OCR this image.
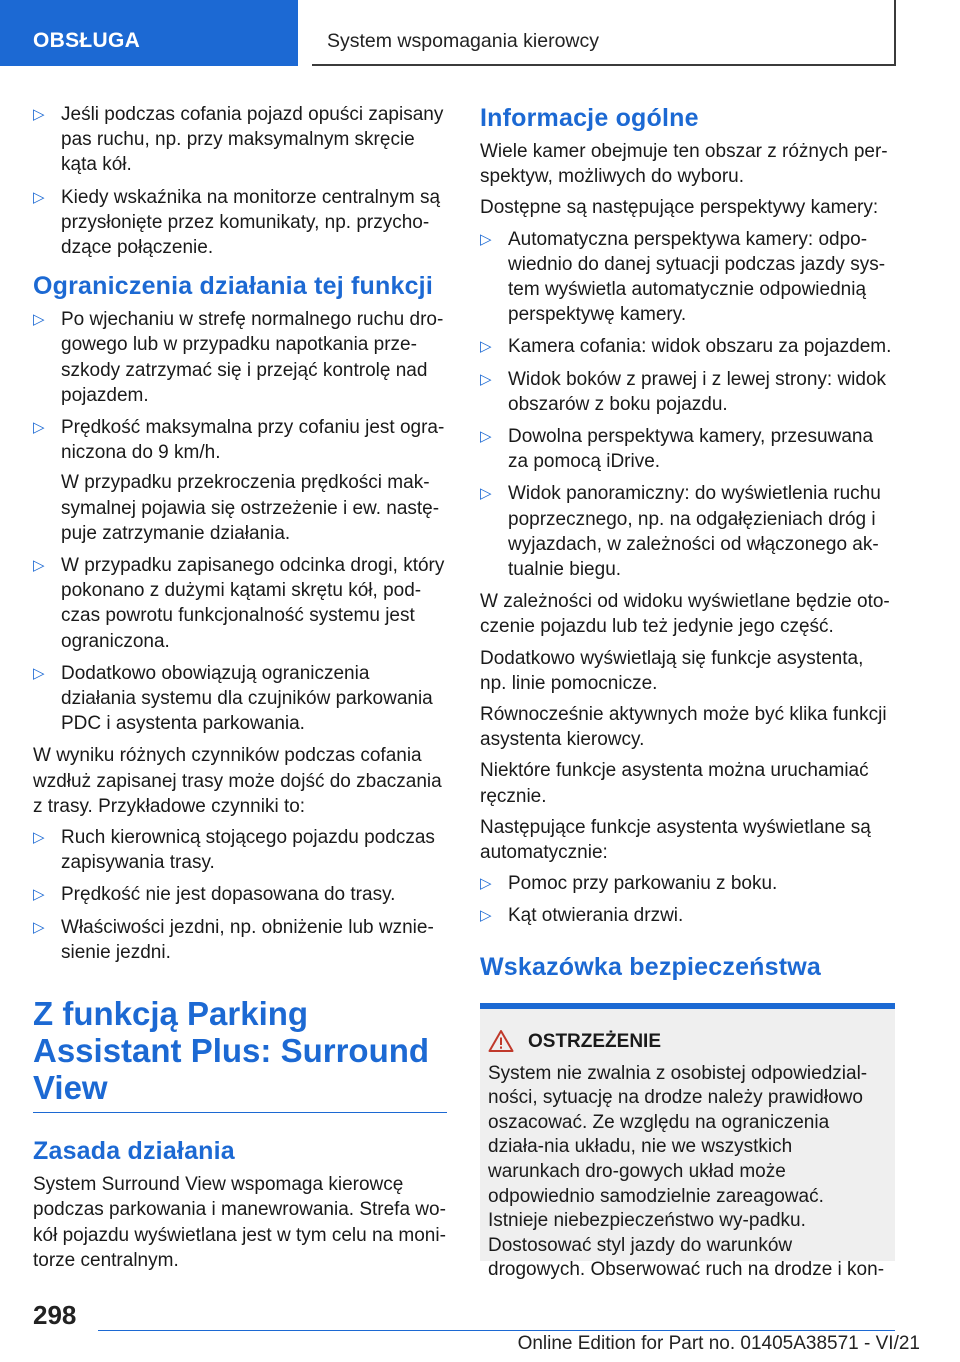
OBSŁUGA	System wspomagania kierowcy
▷ Jeśli podczas cofania pojazd opuści zapisany pas ruchu, np. przy maksymalnym skręcie kąta kół.
▷ Kiedy wskaźnika na monitorze centralnym są przysłonięte przez komunikaty, np. przycho-dzące połączenie.
Ograniczenia działania tej funkcji
▷ Po wjechaniu w strefę normalnego ruchu dro-gowego lub w przypadku napotkania prze-szkody zatrzymać się i przejąć kontrolę nad pojazdem.
▷ Prędkość maksymalna przy cofaniu jest ogra-niczona do 9 km/h.

W przypadku przekroczenia prędkości mak-symalnej pojawia się ostrzeżenie i ew. nastę-puje zatrzymanie działania.

▷ W przypadku zapisanego odcinka drogi, który pokonano z dużymi kątami skrętu kół, pod-czas powrotu funkcjonalność systemu jest ograniczona.
▷ Dodatkowo obowiązują ograniczenia działania systemu dla czujników parkowania PDC i asystenta parkowania.

W wyniku różnych czynników podczas cofania wzdłuż zapisanej trasy może dojść do zbaczania z trasy. Przykładowe czynniki to:

▷ Ruch kierownicą stojącego pojazdu podczas zapisywania trasy.
▷ Prędkość nie jest dopasowana do trasy.
▷ Właściwości jezdni, np. obniżenie lub wznie-sienie jezdni.
Z funkcją Parking Assistant Plus: Surround View
Zasada działania

System Surround View wspomaga kierowcę podczas parkowania i manewrowania. Strefa wo-kół pojazdu wyświetlana jest w tym celu na moni-torze centralnym.

Informacje ogólne

Wiele kamer obejmuje ten obszar z różnych per-spektyw, możliwych do wyboru.

Dostępne są następujące perspektywy kamery:

▷ Automatyczna perspektywa kamery: odpo-wiednio do danej sytuacji podczas jazdy sys-tem wyświetla automatycznie odpowiednią perspektywę kamery.
▷ Kamera cofania: widok obszaru za pojazdem.
▷ Widok boków z prawej i z lewej strony: widok obszarów z boku pojazdu.
▷ Dowolna perspektywa kamery, przesuwana za pomocą iDrive.
▷ Widok panoramiczny: do wyświetlenia ruchu poprzecznego, np. na odgałęzieniach dróg i wyjazdach, w zależności od włączonego ak-tualnie biegu.

W zależności od widoku wyświetlane będzie oto-czenie pojazdu lub też jedynie jego część.

Dodatkowo wyświetlają się funkcje asystenta, np. linie pomocnicze.

Równocześnie aktywnych może być klika funkcji asystenta kierowcy.

Niektóre funkcje asystenta można uruchamiać ręcznie.

Następujące funkcje asystenta wyświetlane są automatycznie:

▷ Pomoc przy parkowaniu z boku.
▷ Kąt otwierania drzwi.
Wskazówka bezpieczeństwa
OSTRZEŻENIE

System nie zwalnia z osobistej odpowiedzial-ności, sytuację na drodze należy prawidłowo oszacować. Ze względu na ograniczenia działa-nia układu, nie we wszystkich warunkach dro-gowych układ może odpowiednio samodzielnie zareagować. Istnieje niebezpieczeństwo wy-padku. Dostosować styl jazdy do warunków drogowych. Obserwować ruch na drodze i kon-

298
Online Edition for Part no. 01405A38571 - VI/21
